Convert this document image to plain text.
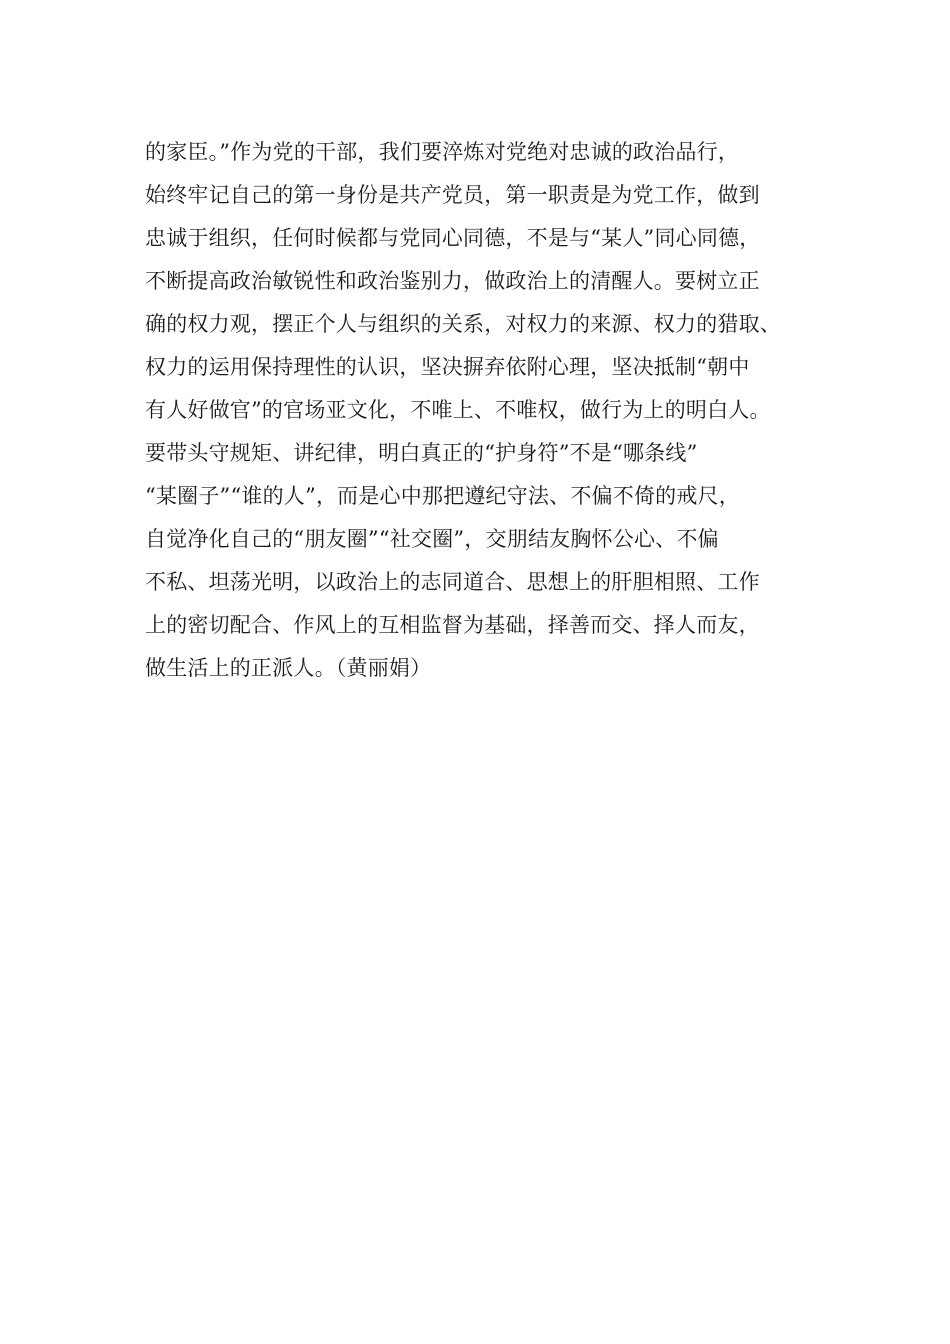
的家臣。”作为党的干部，我们要淬炼对党绝对忠诚的政治品行，
始终牢记自己的第一身份是共产党员，第一职责是为党工作，做到
忠诚于组织，任何时候都与党同心同德，不是与“某人”同心同德，
不断提高政治敏锐性和政治鉴别力，做政治上的清醒人。要树立正
确的权力观，摆正个人与组织的关系，对权力的来源、权力的猎取、
权力的运用保持理性的认识，坚决摒弃依附心理，坚决抵制“朝中
有人好做官”的官场亚文化，不唯上、不唯权，做行为上的明白人。
要带头守规矩、讲纪律，明白真正的“护身符”不是“哪条线”
“某圈子”“谁的人”，而是心中那把遵纪守法、不偏不倚的戒尺，
自觉净化自己的“朋友圈”“社交圈”，交朋结友胸怀公心、不偏
不私、坦荡光明，以政治上的志同道合、思想上的肝胆相照、工作
上的密切配合、作风上的互相监督为基础，择善而交、择人而友，
做生活上的正派人。（黄丽娟）
